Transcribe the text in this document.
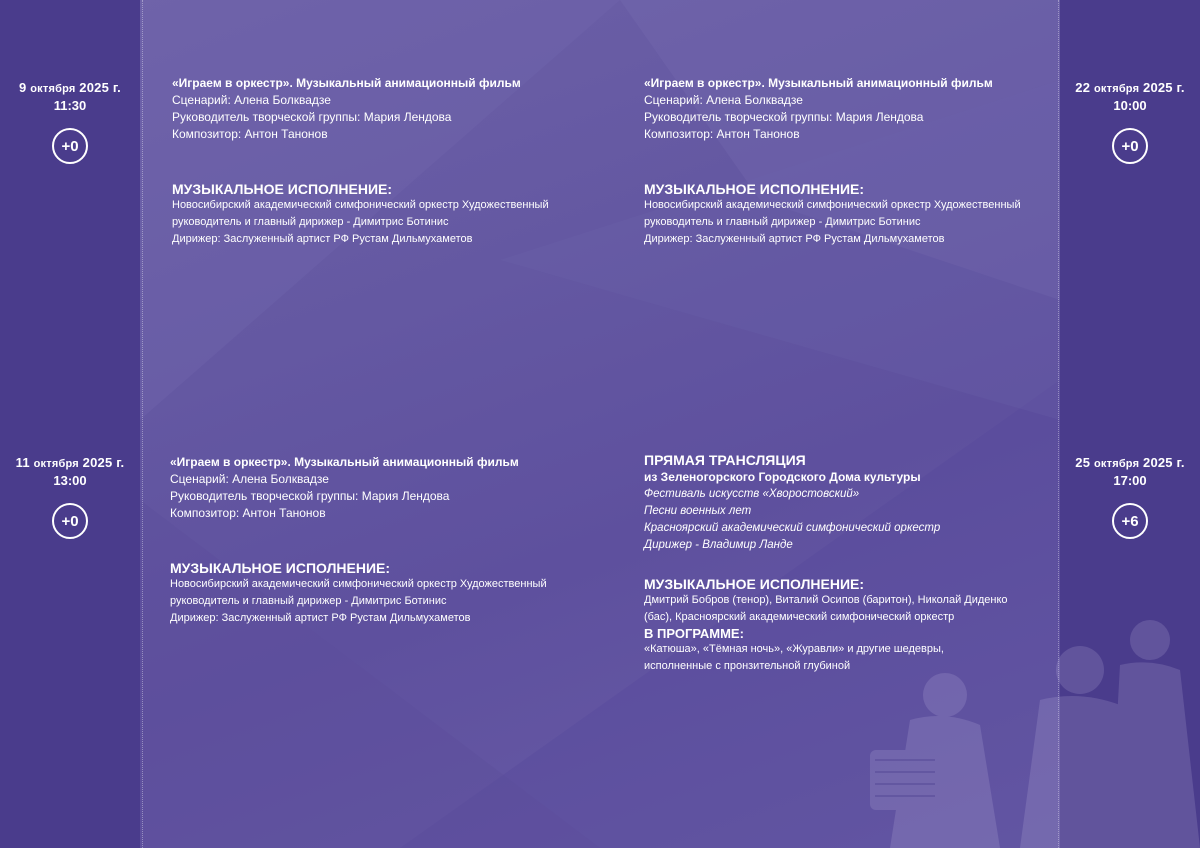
9 октября 2025 г.
11:30
+0
«Играем в оркестр». Музыкальный анимационный фильм
Сценарий: Алена Болквадзе
Руководитель творческой группы: Мария Лендова
Композитор: Антон Танонов
МУЗЫКАЛЬНОЕ ИСПОЛНЕНИЕ:
Новосибирский академический симфонический оркестр Художественный
руководитель и главный дирижер - Димитрис Ботинис
Дирижер: Заслуженный артист РФ Рустам Дильмухаметов
22 октября 2025 г.
10:00
+0
«Играем в оркестр». Музыкальный анимационный фильм
Сценарий: Алена Болквадзе
Руководитель творческой группы: Мария Лендова
Композитор: Антон Танонов
МУЗЫКАЛЬНОЕ ИСПОЛНЕНИЕ:
Новосибирский академический симфонический оркестр Художественный
руководитель и главный дирижер - Димитрис Ботинис
Дирижер: Заслуженный артист РФ Рустам Дильмухаметов
11 октября 2025 г.
13:00
+0
«Играем в оркестр». Музыкальный анимационный фильм
Сценарий: Алена Болквадзе
Руководитель творческой группы: Мария Лендова
Композитор: Антон Танонов
МУЗЫКАЛЬНОЕ ИСПОЛНЕНИЕ:
Новосибирский академический симфонический оркестр Художественный
руководитель и главный дирижер - Димитрис Ботинис
Дирижер: Заслуженный артист РФ Рустам Дильмухаметов
25 октября 2025 г.
17:00
+6
ПРЯМАЯ ТРАНСЛЯЦИЯ
из Зеленогорского Городского Дома культуры
Фестиваль искусств «Хворостовский»
Песни военных лет
Красноярский академический симфонический оркестр
Дирижер - Владимир Ланде
МУЗЫКАЛЬНОЕ ИСПОЛНЕНИЕ:
Дмитрий Бобров (тенор), Виталий Осипов (баритон), Николай Диденко
(бас), Красноярский академический симфонический оркестр
В ПРОГРАММЕ:
«Катюша», «Тёмная ночь», «Журавли» и другие шедевры,
исполненные с пронзительной глубиной
